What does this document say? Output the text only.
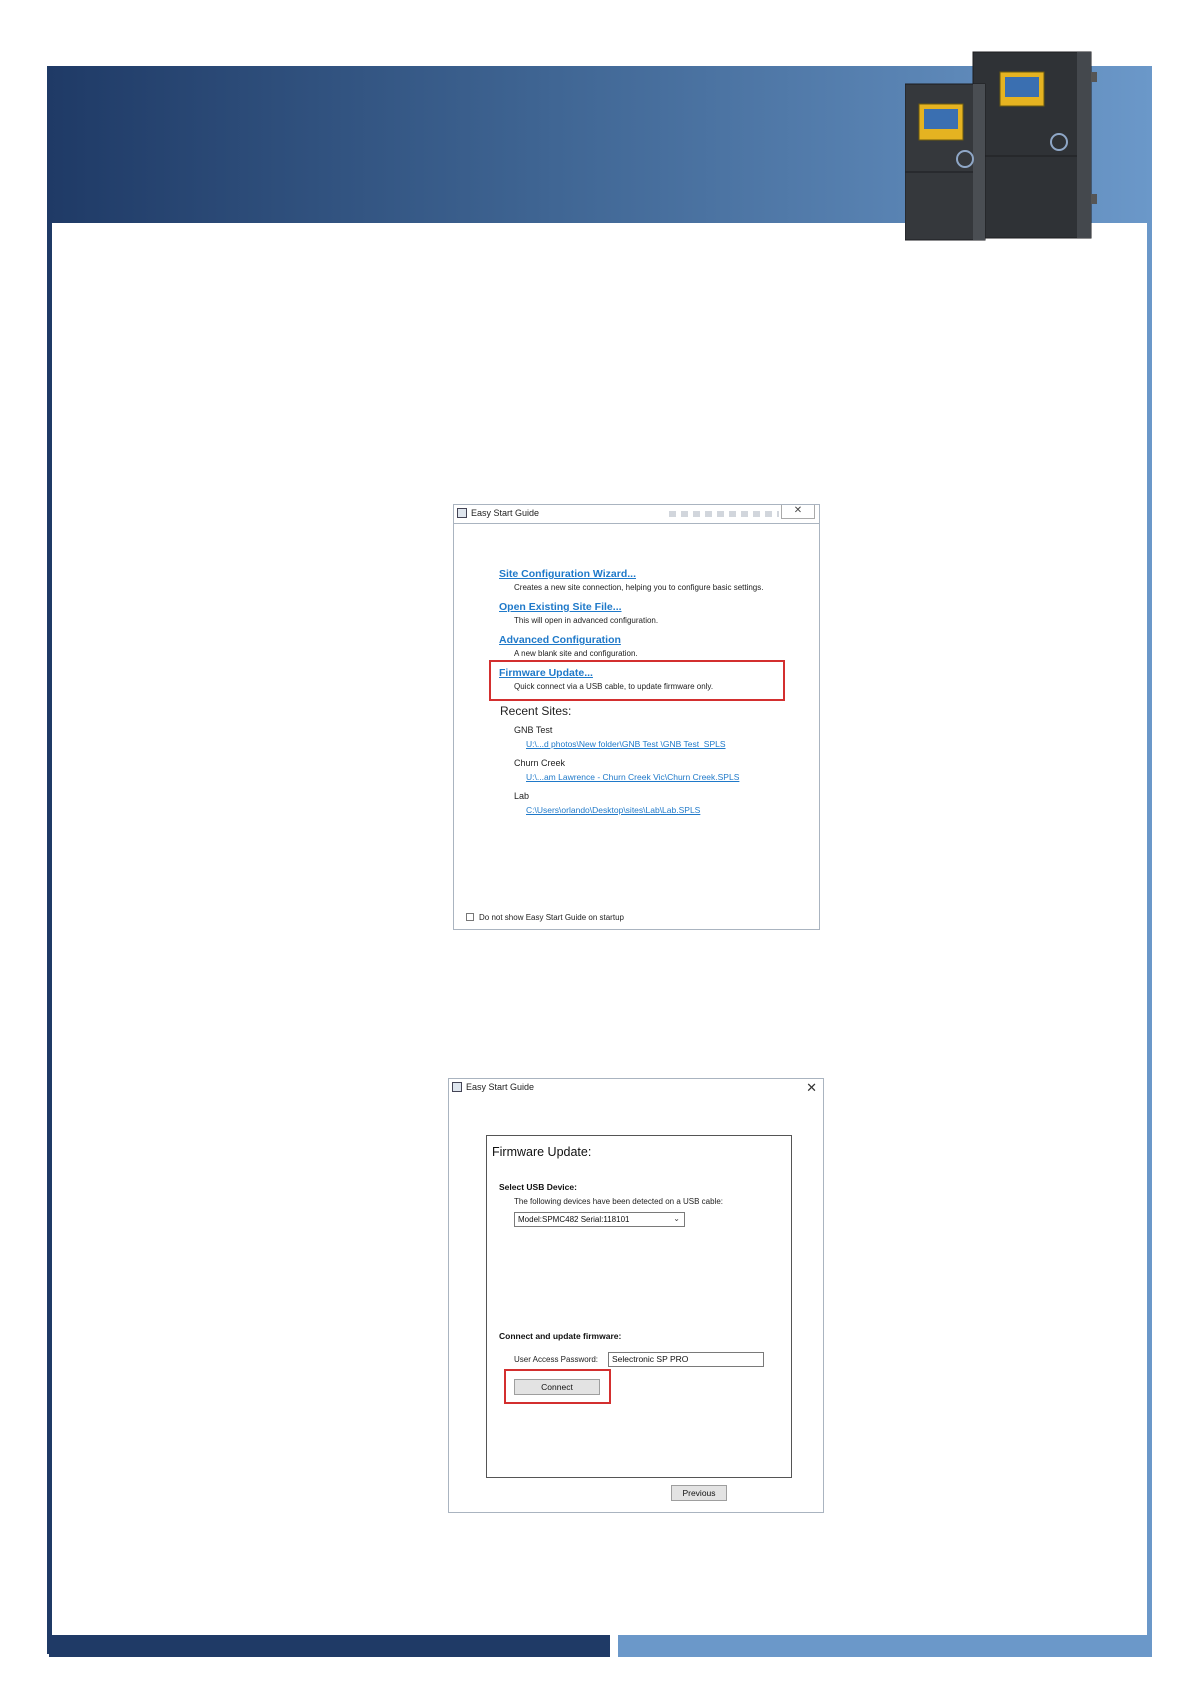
Easy Start Guide	✕
Site Configuration Wizard...
Creates a new site connection, helping you to configure basic settings.
Open Existing Site File...
This will open in advanced configuration.
Advanced Configuration
A new blank site and configuration.
Firmware Update...
Quick connect via a USB cable, to update firmware only.
Recent Sites:
GNB Test
U:\...d photos\New folder\GNB Test \GNB Test_SPLS
Churn Creek
U:\...am Lawrence - Churn Creek Vic\Churn Creek.SPLS
Lab
C:\Users\orlando\Desktop\sites\Lab\Lab.SPLS
Do not show Easy Start Guide on startup
Easy Start Guide	✕
Firmware Update:
Select USB Device:
The following devices have been detected on a USB cable:
Model:SPMC482 Serial:118101	⌄
Connect and update firmware:
User Access Password:	Selectronic SP PRO
Connect
Previous
